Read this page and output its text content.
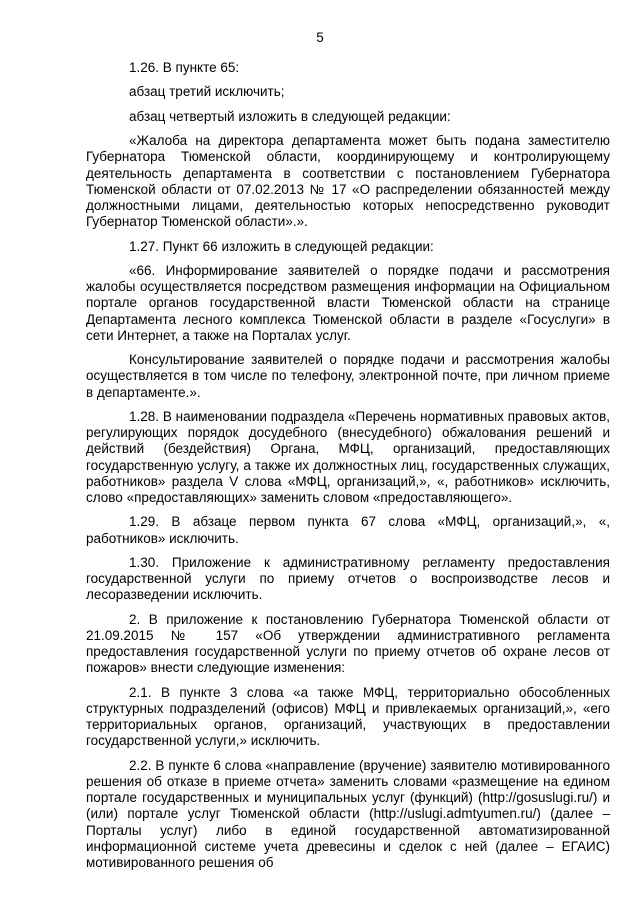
5

1.26. В пункте 65:

абзац третий исключить;

абзац четвертый изложить в следующей редакции:

«Жалоба на директора департамента может быть подана заместителю Губернатора Тюменской области, координирующему и контролирующему деятельность департамента в соответствии с постановлением Губернатора Тюменской области от 07.02.2013 № 17 «О распределении обязанностей между должностными лицами, деятельностью которых непосредственно руководит Губернатор Тюменской области».».

1.27. Пункт 66 изложить в следующей редакции:

«66. Информирование заявителей о порядке подачи и рассмотрения жалобы осуществляется посредством размещения информации на Официальном портале органов государственной власти Тюменской области на странице Департамента лесного комплекса Тюменской области в разделе «Госуслуги» в сети Интернет, а также на Порталах услуг.

Консультирование заявителей о порядке подачи и рассмотрения жалобы осуществляется в том числе по телефону, электронной почте, при личном приеме в департаменте.».

1.28. В наименовании подраздела «Перечень нормативных правовых актов, регулирующих порядок досудебного (внесудебного) обжалования решений и действий (бездействия) Органа, МФЦ, организаций, предоставляющих государственную услугу, а также их должностных лиц, государственных служащих, работников» раздела V слова «МФЦ, организаций,», «, работников» исключить, слово «предоставляющих» заменить словом «предоставляющего».

1.29. В абзаце первом пункта 67 слова «МФЦ, организаций,», «, работников» исключить.

1.30. Приложение к административному регламенту предоставления государственной услуги по приему отчетов о воспроизводстве лесов и лесоразведении исключить.

2. В приложение к постановлению Губернатора Тюменской области от 21.09.2015 № 157 «Об утверждении административного регламента предоставления государственной услуги по приему отчетов об охране лесов от пожаров» внести следующие изменения:

2.1. В пункте 3 слова «а также МФЦ, территориально обособленных структурных подразделений (офисов) МФЦ и привлекаемых организаций,», «его территориальных органов, организаций, участвующих в предоставлении государственной услуги,» исключить.

2.2. В пункте 6 слова «направление (вручение) заявителю мотивированного решения об отказе в приеме отчета» заменить словами «размещение на едином портале государственных и муниципальных услуг (функций) (http://gosuslugi.ru/) и (или) портале услуг Тюменской области (http://uslugi.admtyumen.ru/) (далее – Порталы услуг) либо в единой государственной автоматизированной информационной системе учета древесины и сделок с ней (далее – ЕГАИС) мотивированного решения об
